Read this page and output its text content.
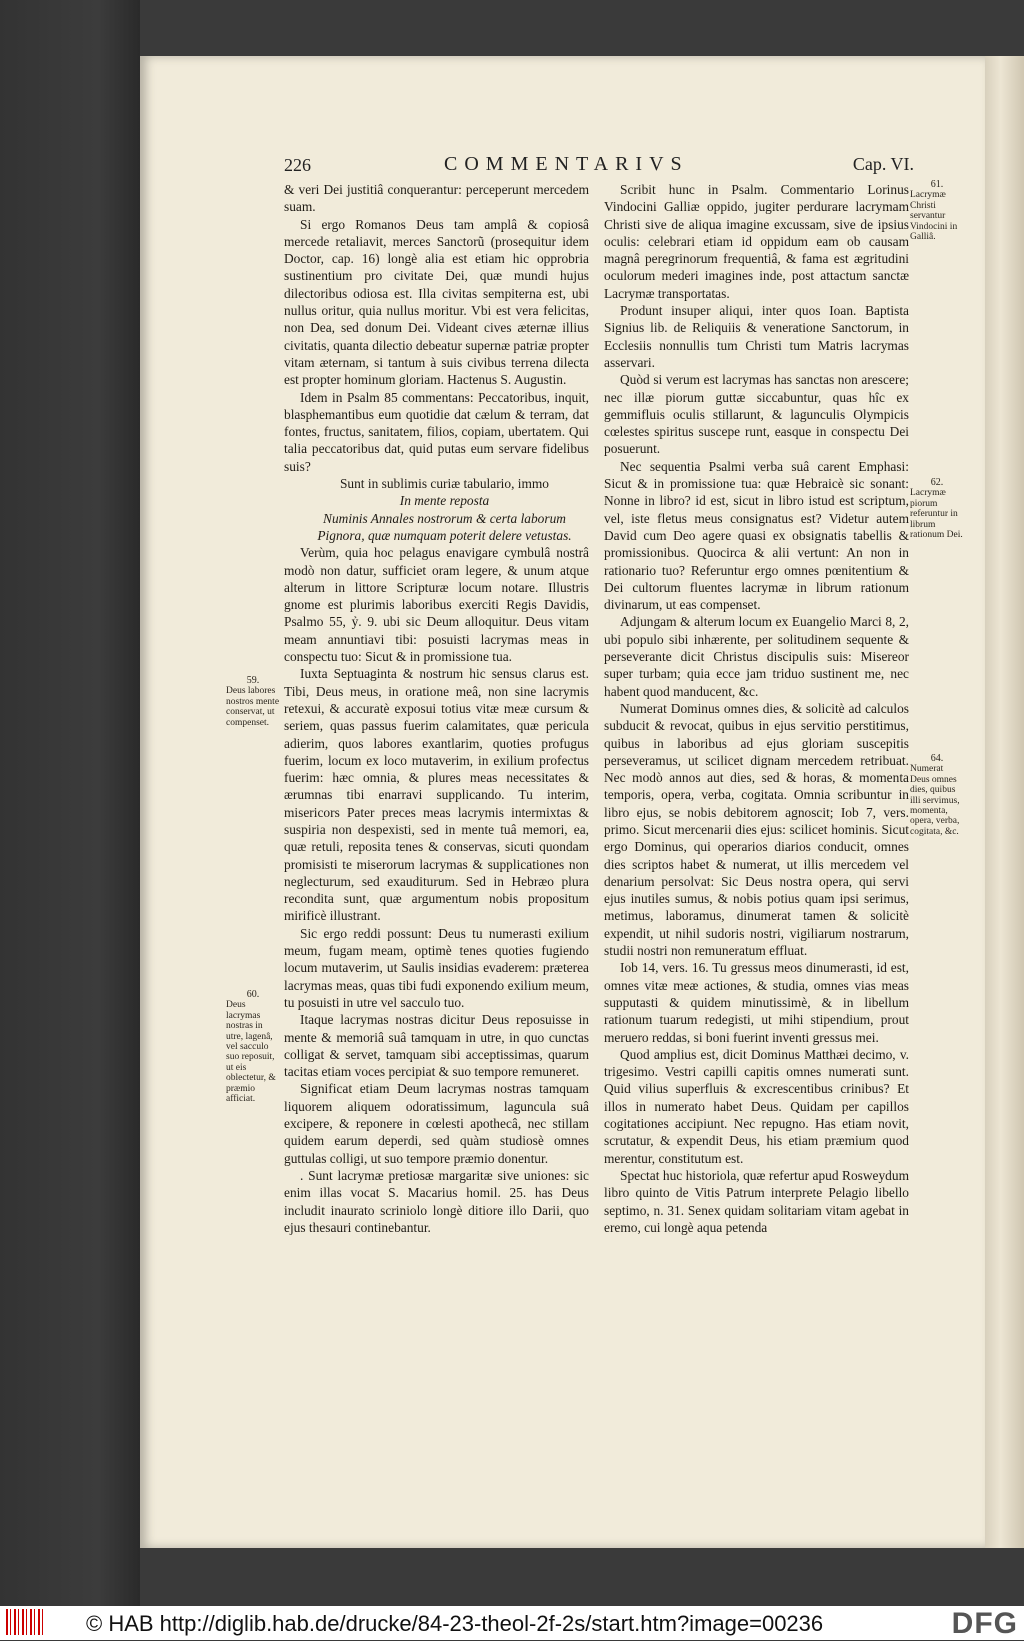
226	COMMENTARIVS	Cap. VI.

& veri Dei justitiâ conquerantur: perceperunt mercedem suam.

Si ergo Romanos Deus tam amplâ & copiosâ mercede retaliavit, merces Sanctorũ (prosequitur idem Doctor, cap. 16) longè alia est etiam hic opprobria sustinentium pro civitate Dei, quæ mundi hujus dilectoribus odiosa est. Illa civitas sempiterna est, ubi nullus oritur, quia nullus moritur. Vbi est vera felicitas, non Dea, sed donum Dei. Videant cives æternæ illius civitatis, quanta dilectio debeatur supernæ patriæ propter vitam æternam, si tantum à suis civibus terrena dilecta est propter hominum gloriam. Hactenus S. Augustin.

Idem in Psalm 85 commentans: Peccatoribus, inquit, blasphemantibus eum quotidie dat cælum & terram, dat fontes, fructus, sanitatem, filios, copiam, ubertatem. Qui talia peccatoribus dat, quid putas eum servare fidelibus suis?

Sunt in sublimis curiæ tabulario, immo

In mente reposta

Numinis Annales nostrorum & certa laborum

Pignora, quæ numquam poterit delere vetustas.

Verùm, quia hoc pelagus enavigare cymbulâ nostrâ modò non datur, sufficiet oram legere, & unum atque alterum in littore Scripturæ locum notare. Illustris gnome est plurimis laboribus exerciti Regis Davidis, Psalmo 55, ỷ. 9. ubi sic Deum alloquitur. Deus vitam meam annuntiavi tibi: posuisti lacrymas meas in conspectu tuo: Sicut & in promissione tua.

Iuxta Septuaginta & nostrum hic sensus clarus est. Tibi, Deus meus, in oratione meâ, non sine lacrymis retexui, & accuratè exposui totius vitæ meæ cursum & seriem, quas passus fuerim calamitates, quæ pericula adierim, quos labores exantlarim, quoties profugus fuerim, locum ex loco mutaverim, in exilium profectus fuerim: hæc omnia, & plures meas necessitates & ærumnas tibi enarravi supplicando. Tu interim, misericors Pater preces meas lacrymis intermixtas & suspiria non despexisti, sed in mente tuâ memori, ea, quæ retuli, reposita tenes & conservas, sicuti quondam promisisti te miserorum lacrymas & supplicationes non neglecturum, sed exauditurum. Sed in Hebræo plura recondita sunt, quæ argumentum nobis propositum mirificè illustrant.

Sic ergo reddi possunt: Deus tu numerasti exilium meum, fugam meam, optimè tenes quoties fugiendo locum mutaverim, ut Saulis insidias evaderem: præterea lacrymas meas, quas tibi fudi exponendo exilium meum, tu posuisti in utre vel sacculo tuo.

Itaque lacrymas nostras dicitur Deus reposuisse in mente & memoriâ suâ tamquam in utre, in quo cunctas colligat & servet, tamquam sibi acceptissimas, quarum tacitas etiam voces percipiat & suo tempore remuneret.

Significat etiam Deum lacrymas nostras tamquam liquorem aliquem odoratissimum, laguncula suâ excipere, & reponere in cœlesti apothecâ, nec stillam quidem earum deperdi, sed quàm studiosè omnes guttulas colligi, ut suo tempore præmio donentur.

. Sunt lacrymæ pretiosæ margaritæ sive uniones: sic enim illas vocat S. Macarius homil. 25. has Deus includit inaurato scriniolo longè ditiore illo Darii, quo ejus thesauri continebantur.

Scribit hunc in Psalm. Commentario Lorinus Vindocini Galliæ oppido, jugiter perdurare lacrymam Christi sive de aliqua imagine excussam, sive de ipsius oculis: celebrari etiam id oppidum eam ob causam magnâ peregrinorum frequentiâ, & fama est ægritudini oculorum mederi imagines inde, post attactum sanctæ Lacrymæ transportatas.

Produnt insuper aliqui, inter quos Ioan. Baptista Signius lib. de Reliquiis & veneratione Sanctorum, in Ecclesiis nonnullis tum Christi tum Matris lacrymas asservari.

Quòd si verum est lacrymas has sanctas non arescere; nec illæ piorum guttæ siccabuntur, quas hîc ex gemmifluis oculis stillarunt, & lagunculis Olympicis cœlestes spiritus suscepe runt, easque in conspectu Dei posuerunt.

Nec sequentia Psalmi verba suâ carent Emphasi: Sicut & in promissione tua: quæ Hebraicè sic sonant: Nonne in libro? id est, sicut in libro istud est scriptum, vel, iste fletus meus consignatus est? Videtur autem David cum Deo agere quasi ex obsignatis tabellis & promissionibus. Quocirca & alii vertunt: An non in rationario tuo? Referuntur ergo omnes pœnitentium & Dei cultorum fluentes lacrymæ in librum rationum divinarum, ut eas compenset.

Adjungam & alterum locum ex Euangelio Marci 8, 2, ubi populo sibi inhærente, per solitudinem sequente & perseverante dicit Christus discipulis suis: Misereor super turbam; quia ecce jam triduo sustinent me, nec habent quod manducent, &c.

Numerat Dominus omnes dies, & solicitè ad calculos subducit & revocat, quibus in ejus servitio perstitimus, quibus in laboribus ad ejus gloriam suscepitis perseveramus, ut scilicet dignam mercedem retribuat. Nec modò annos aut dies, sed & horas, & momenta temporis, opera, verba, cogitata. Omnia scribuntur in libro ejus, se nobis debitorem agnoscit; Iob 7, vers. primo. Sicut mercenarii dies ejus: scilicet hominis. Sicut ergo Dominus, qui operarios diarios conducit, omnes dies scriptos habet & numerat, ut illis mercedem vel denarium persolvat: Sic Deus nostra opera, qui servi ejus inutiles sumus, & nobis potius quam ipsi serimus, metimus, laboramus, dinumerat tamen & solicitè expendit, ut nihil sudoris nostri, vigiliarum nostrarum, studii nostri non remuneratum effluat.

Iob 14, vers. 16. Tu gressus meos dinumerasti, id est, omnes vitæ meæ actiones, & studia, omnes vias meas supputasti & quidem minutissimè, & in libellum rationum tuarum redegisti, ut mihi stipendium, prout meruero reddas, si boni fuerint inventi gressus mei.

Quod amplius est, dicit Dominus Matthæi decimo, v. trigesimo. Vestri capilli capitis omnes numerati sunt. Quid vilius superfluis & excrescentibus crinibus? Et illos in numerato habet Deus. Quidam per capillos cogitationes accipiunt. Nec repugno. Has etiam novit, scrutatur, & expendit Deus, his etiam præmium quod merentur, constitutum est.

Spectat huc historiola, quæ refertur apud Rosweydum libro quinto de Vitis Patrum interprete Pelagio libello septimo, n. 31. Senex quidam solitariam vitam agebat in eremo, cui longè aqua petenda

59.
Deus labores nostros mente conservat, ut compenset.
60.
Deus lacrymas nostras in utre, lagenâ, vel sacculo suo reposuit, ut eis oblectetur, & præmio afficiat.
61.
Lacrymæ Christi servantur Vindocini in Galliâ.
62.
Lacrymæ piorum referuntur in librum rationum Dei.
64.
Numerat Deus omnes dies, quibus illi servimus, momenta, opera, verba, cogitata, &c.
© HAB http://diglib.hab.de/drucke/84-23-theol-2f-2s/start.htm?image=00236	DFG
